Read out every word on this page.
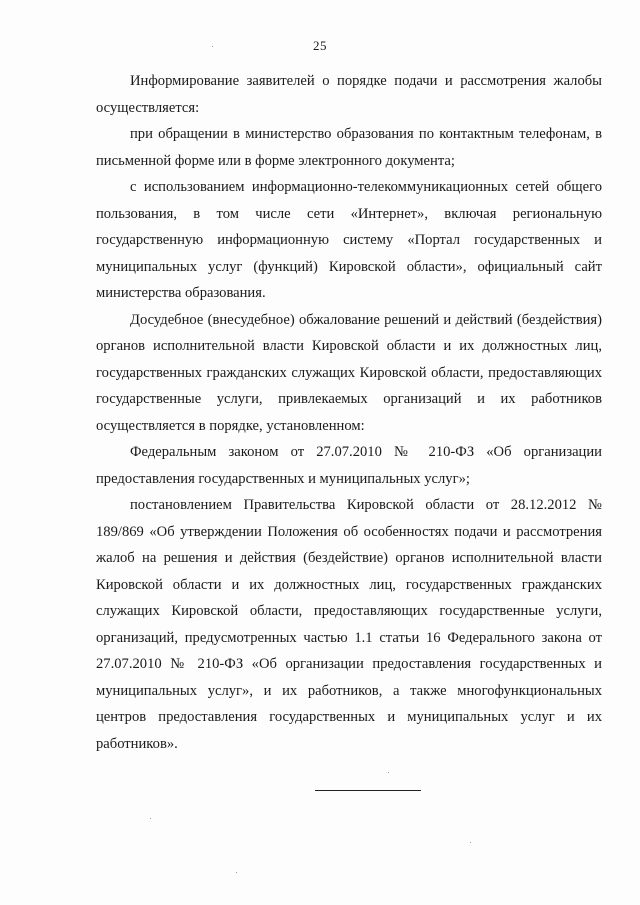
25

Информирование заявителей о порядке подачи и рассмотрения жалобы осуществляется:

при обращении в министерство образования по контактным телефонам, в письменной форме или в форме электронного документа;

с использованием информационно-телекоммуникационных сетей общего пользования, в том числе сети «Интернет», включая региональную государственную информационную систему «Портал государственных и муниципальных услуг (функций) Кировской области», официальный сайт министерства образования.

Досудебное (внесудебное) обжалование решений и действий (бездействия) органов исполнительной власти Кировской области и их должностных лиц, государственных гражданских служащих Кировской области, предоставляющих государственные услуги, привлекаемых организаций и их работников осуществляется в порядке, установленном:

Федеральным законом от 27.07.2010 № 210-ФЗ «Об организации предоставления государственных и муниципальных услуг»;

постановлением Правительства Кировской области от 28.12.2012 № 189/869 «Об утверждении Положения об особенностях подачи и рассмотрения жалоб на решения и действия (бездействие) органов исполнительной власти Кировской области и их должностных лиц, государственных гражданских служащих Кировской области, предоставляющих государственные услуги, организаций, предусмотренных частью 1.1 статьи 16 Федерального закона от 27.07.2010 № 210-ФЗ «Об организации предоставления государственных и муниципальных услуг», и их работников, а также многофункциональных центров предоставления государственных и муниципальных услуг и их работников».
